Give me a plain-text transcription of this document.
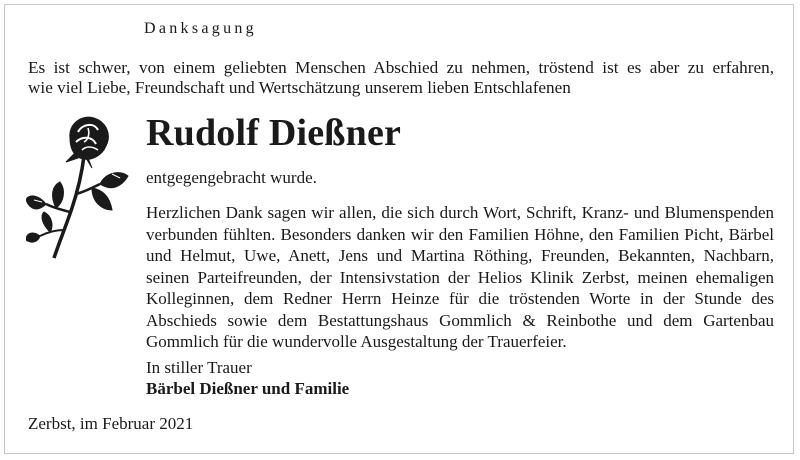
Danksagung

Es ist schwer, von einem geliebten Menschen Abschied zu nehmen, tröstend ist es aber zu erfahren,

wie viel Liebe, Freundschaft und Wertschätzung unserem lieben Entschlafenen

Rudolf Dießner
entgegengebracht wurde.

Herzlichen Dank sagen wir allen, die sich durch Wort, Schrift, Kranz- und Blumenspenden verbunden fühlten. Besonders danken wir den Familien Höhne, den Familien Picht, Bärbel und Helmut, Uwe, Anett, Jens und Martina Röthing, Freunden, Bekannten, Nachbarn, seinen Parteifreunden, der Intensivstation der Helios Klinik Zerbst, meinen ehemaligen Kolleginnen, dem Redner Herrn Heinze für die tröstenden Worte in der Stunde des Abschieds sowie dem Bestattungshaus Gommlich & Reinbothe und dem Gartenbau Gommlich für die wundervolle Ausgestaltung der Trauerfeier.

In stiller Trauer
Bärbel Dießner und Familie
Zerbst, im Februar 2021
